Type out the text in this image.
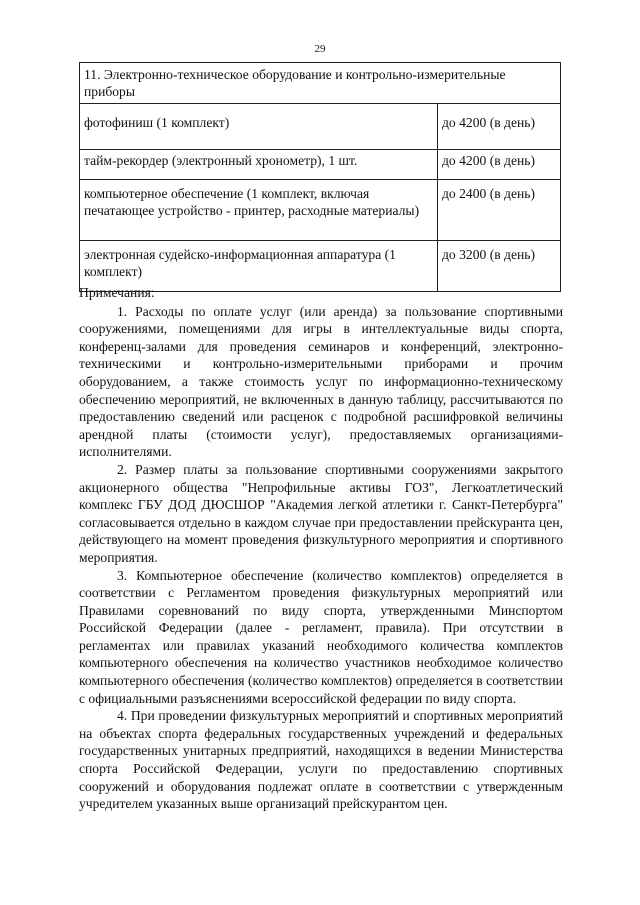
29
11. Электронно-техническое оборудование и контрольно-измерительные приборы	
фотофиниш (1 комплект)	до 4200 (в день)
тайм-рекордер (электронный хронометр), 1 шт.	до 4200 (в день)
компьютерное обеспечение (1 комплект, включая печатающее устройство - принтер, расходные материалы)	до 2400 (в день)
электронная судейско-информационная аппаратура (1 комплект)	до 3200 (в день)

Примечания:

1. Расходы по оплате услуг (или аренда) за пользование спортивными сооружениями, помещениями для игры в интеллектуальные виды спорта, конференц-залами для проведения семинаров и конференций, электронно-техническими и контрольно-измерительными приборами и прочим оборудованием, а также стоимость услуг по информационно-техническому обеспечению мероприятий, не включенных в данную таблицу, рассчитываются по предоставлению сведений или расценок с подробной расшифровкой величины арендной платы (стоимости услуг), предоставляемых организациями-исполнителями.

2. Размер платы за пользование спортивными сооружениями закрытого акционерного общества "Непрофильные активы ГОЗ", Легкоатлетический комплекс ГБУ ДОД ДЮСШОР "Академия легкой атлетики г. Санкт-Петербурга" согласовывается отдельно в каждом случае при предоставлении прейскуранта цен, действующего на момент проведения физкультурного мероприятия и спортивного мероприятия.

3. Компьютерное обеспечение (количество комплектов) определяется в соответствии с Регламентом проведения физкультурных мероприятий или Правилами соревнований по виду спорта, утвержденными Минспортом Российской Федерации (далее - регламент, правила). При отсутствии в регламентах или правилах указаний необходимого количества комплектов компьютерного обеспечения на количество участников необходимое количество компьютерного обеспечения (количество комплектов) определяется в соответствии с официальными разъяснениями всероссийской федерации по виду спорта.

4. При проведении физкультурных мероприятий и спортивных мероприятий на объектах спорта федеральных государственных учреждений и федеральных государственных унитарных предприятий, находящихся в ведении Министерства спорта Российской Федерации, услуги по предоставлению спортивных сооружений и оборудования подлежат оплате в соответствии с утвержденным учредителем указанных выше организаций прейскурантом цен.
